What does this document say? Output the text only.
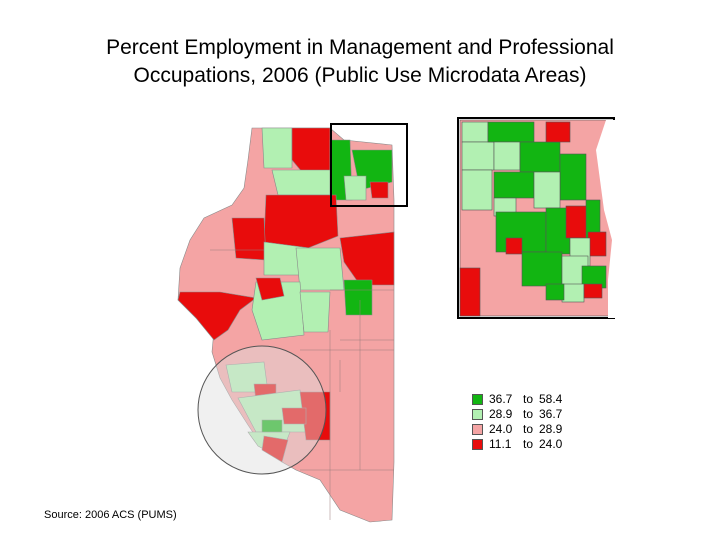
Percent Employment in Management and Professional
Occupations, 2006 (Public Use Microdata Areas)
36.7 to 58.4
28.9 to 36.7
24.0 to 28.9
11.1 to 24.0
Source: 2006 ACS (PUMS)
